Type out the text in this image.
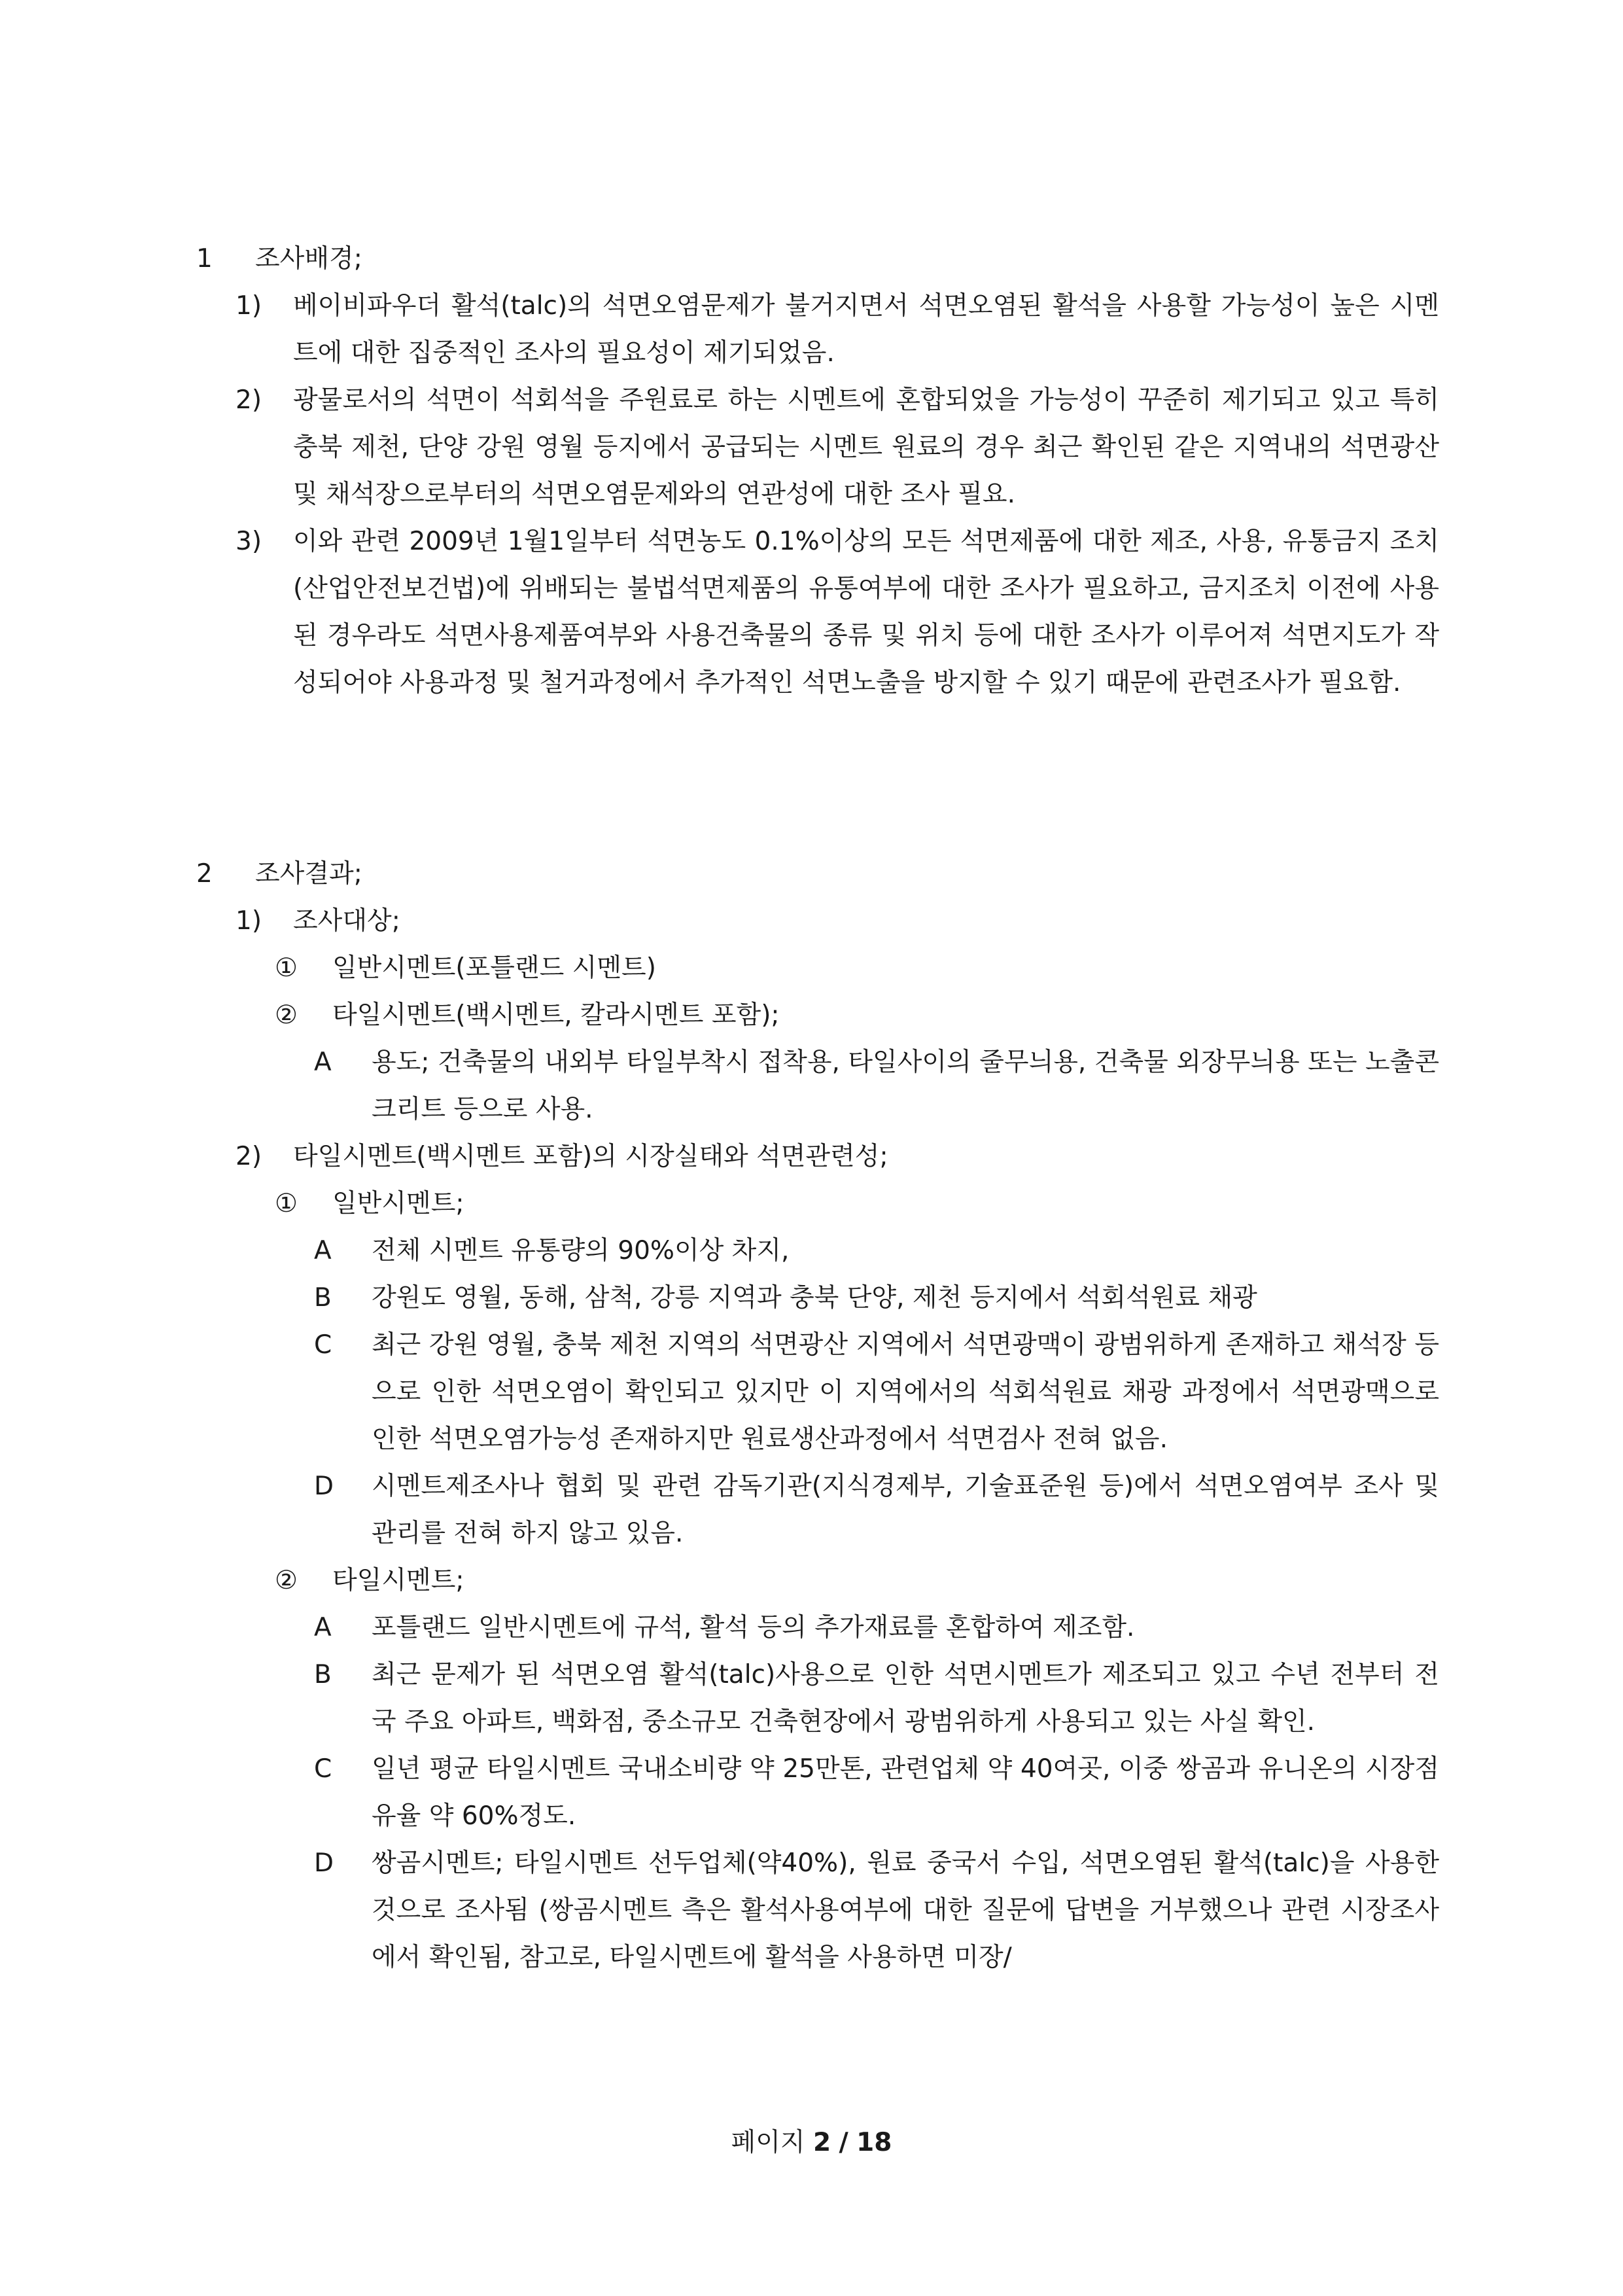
1	조사배경;
1)	베이비파우더 활석(talc)의 석면오염문제가 불거지면서 석면오염된 활석을 사용할 가능성이 높은 시멘트에 대한 집중적인 조사의 필요성이 제기되었음.
2)	광물로서의 석면이 석회석을 주원료로 하는 시멘트에 혼합되었을 가능성이 꾸준히 제기되고 있고 특히 충북 제천, 단양 강원 영월 등지에서 공급되는 시멘트 원료의 경우 최근 확인된 같은 지역내의 석면광산 및 채석장으로부터의 석면오염문제와의 연관성에 대한 조사 필요.
3)	이와 관련 2009년 1월1일부터 석면농도 0.1%이상의 모든 석면제품에 대한 제조, 사용, 유통금지 조치(산업안전보건법)에 위배되는 불법석면제품의 유통여부에 대한 조사가 필요하고, 금지조치 이전에 사용된 경우라도 석면사용제품여부와 사용건축물의 종류 및 위치 등에 대한 조사가 이루어져 석면지도가 작성되어야 사용과정 및 철거과정에서 추가적인 석면노출을 방지할 수 있기 때문에 관련조사가 필요함.
2	조사결과;
1)	조사대상;
①	일반시멘트(포틀랜드 시멘트)
②	타일시멘트(백시멘트, 칼라시멘트 포함);
A	용도; 건축물의 내외부 타일부착시 접착용, 타일사이의 줄무늬용, 건축물 외장무늬용 또는 노출콘크리트 등으로 사용.
2)	타일시멘트(백시멘트 포함)의 시장실태와 석면관련성;
①	일반시멘트;
A	전체 시멘트 유통량의 90%이상 차지,
B	강원도 영월, 동해, 삼척, 강릉 지역과 충북 단양, 제천 등지에서 석회석원료 채광
C	최근 강원 영월, 충북 제천 지역의 석면광산 지역에서 석면광맥이 광범위하게 존재하고 채석장 등으로 인한 석면오염이 확인되고 있지만 이 지역에서의 석회석원료 채광 과정에서 석면광맥으로 인한 석면오염가능성 존재하지만 원료생산과정에서 석면검사 전혀 없음.
D	시멘트제조사나 협회 및 관련 감독기관(지식경제부, 기술표준원 등)에서 석면오염여부 조사 및 관리를 전혀 하지 않고 있음.
②	타일시멘트;
A	포틀랜드 일반시멘트에 규석, 활석 등의 추가재료를 혼합하여 제조함.
B	최근 문제가 된 석면오염 활석(talc)사용으로 인한 석면시멘트가 제조되고 있고 수년 전부터 전국 주요 아파트, 백화점, 중소규모 건축현장에서 광범위하게 사용되고 있는 사실 확인.
C	일년 평균 타일시멘트 국내소비량 약 25만톤, 관련업체 약 40여곳, 이중 쌍곰과 유니온의 시장점유율 약 60%정도.
D	쌍곰시멘트; 타일시멘트 선두업체(약40%), 원료 중국서 수입, 석면오염된 활석(talc)을 사용한 것으로 조사됨 (쌍곰시멘트 측은 활석사용여부에 대한 질문에 답변을 거부했으나 관련 시장조사에서 확인됨, 참고로, 타일시멘트에 활석을 사용하면 미장/
페이지 2 / 18
